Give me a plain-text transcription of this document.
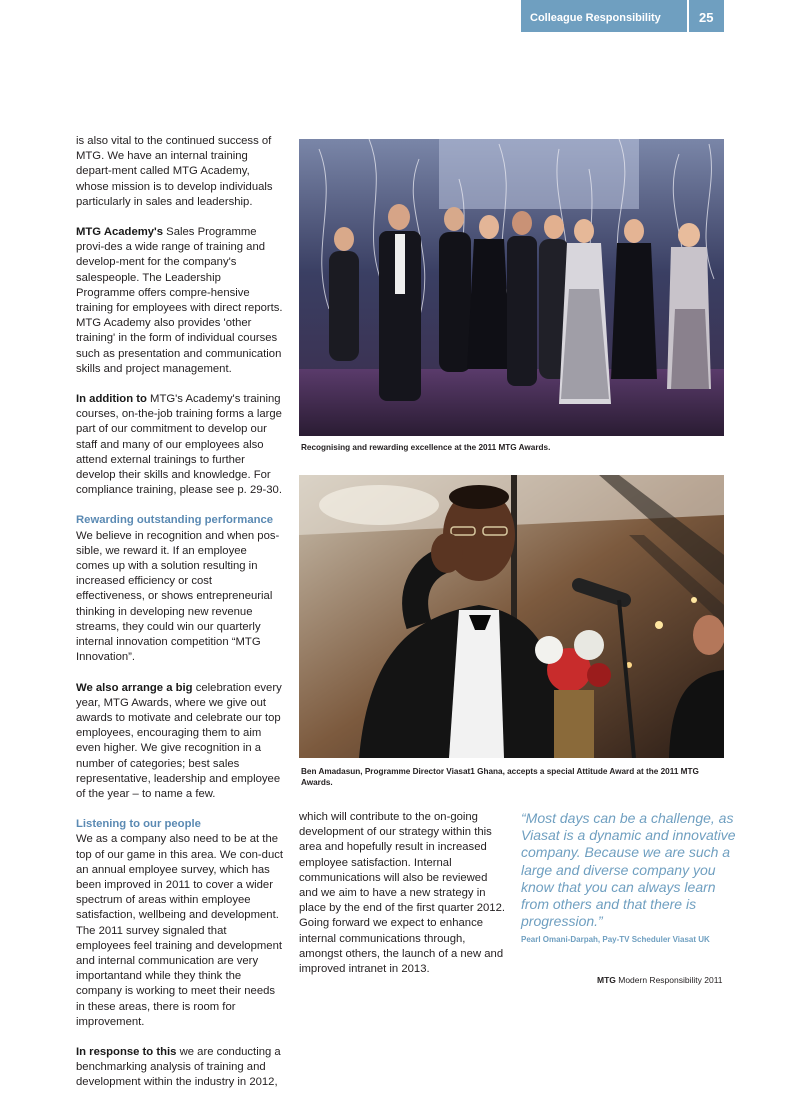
Colleague Responsibility	25

is also vital to the continued success of MTG. We have an internal training depart-ment called MTG Academy, whose mission is to develop individuals particularly in sales and leadership.

MTG Academy's Sales Programme provi-des a wide range of training and develop-ment for the company's salespeople. The Leadership Programme offers compre-hensive training for employees with direct reports. MTG Academy also provides 'other training' in the form of individual courses such as presentation and communication skills and project management.

In addition to MTG's Academy's training courses, on-the-job training forms a large part of our commitment to develop our staff and many of our employees also attend external trainings to further develop their skills and knowledge. For compliance training, please see p. 29-30.

Rewarding outstanding performance
We believe in recognition and when pos-sible, we reward it. If an employee comes up with a solution resulting in increased efficiency or cost effectiveness, or shows entrepreneurial thinking in developing new revenue streams, they could win our quarterly internal innovation competition “MTG Innovation”.

We also arrange a big celebration every year, MTG Awards, where we give out awards to motivate and celebrate our top employees, encouraging them to aim even higher. We give recognition in a number of categories; best sales representative, leadership and employee of the year – to name a few.

Listening to our people
We as a company also need to be at the top of our game in this area. We con-duct an annual employee survey, which has been improved in 2011 to cover a wider spectrum of areas within employee satisfaction, wellbeing and development. The 2011 survey signaled that employees feel training and development and internal communication are very importantand while they think the company is working to meet their needs in these areas, there is room for improvement.

In response to this we are conducting a benchmarking analysis of training and development within the industry in 2012,

Recognising and rewarding excellence at the 2011 MTG Awards.
Ben Amadasun, Programme Director Viasat1 Ghana, accepts a special Attitude Award at the 2011 MTG Awards.

which will contribute to the on-going development of our strategy within this area and hopefully result in increased employee satisfaction. Internal communications will also be reviewed and we aim to have a new strategy in place by the end of the first quarter 2012. Going forward we expect to enhance internal communications through, amongst others, the launch of a new and improved intranet in 2013.

“Most days can be a challenge, as Viasat is a dynamic and innovative company. Because we are such a large and diverse company you know that you can always learn from others and that there is progression.”
Pearl Omani-Darpah, Pay-TV Scheduler Viasat UK
MTG Modern Responsibility 2011
